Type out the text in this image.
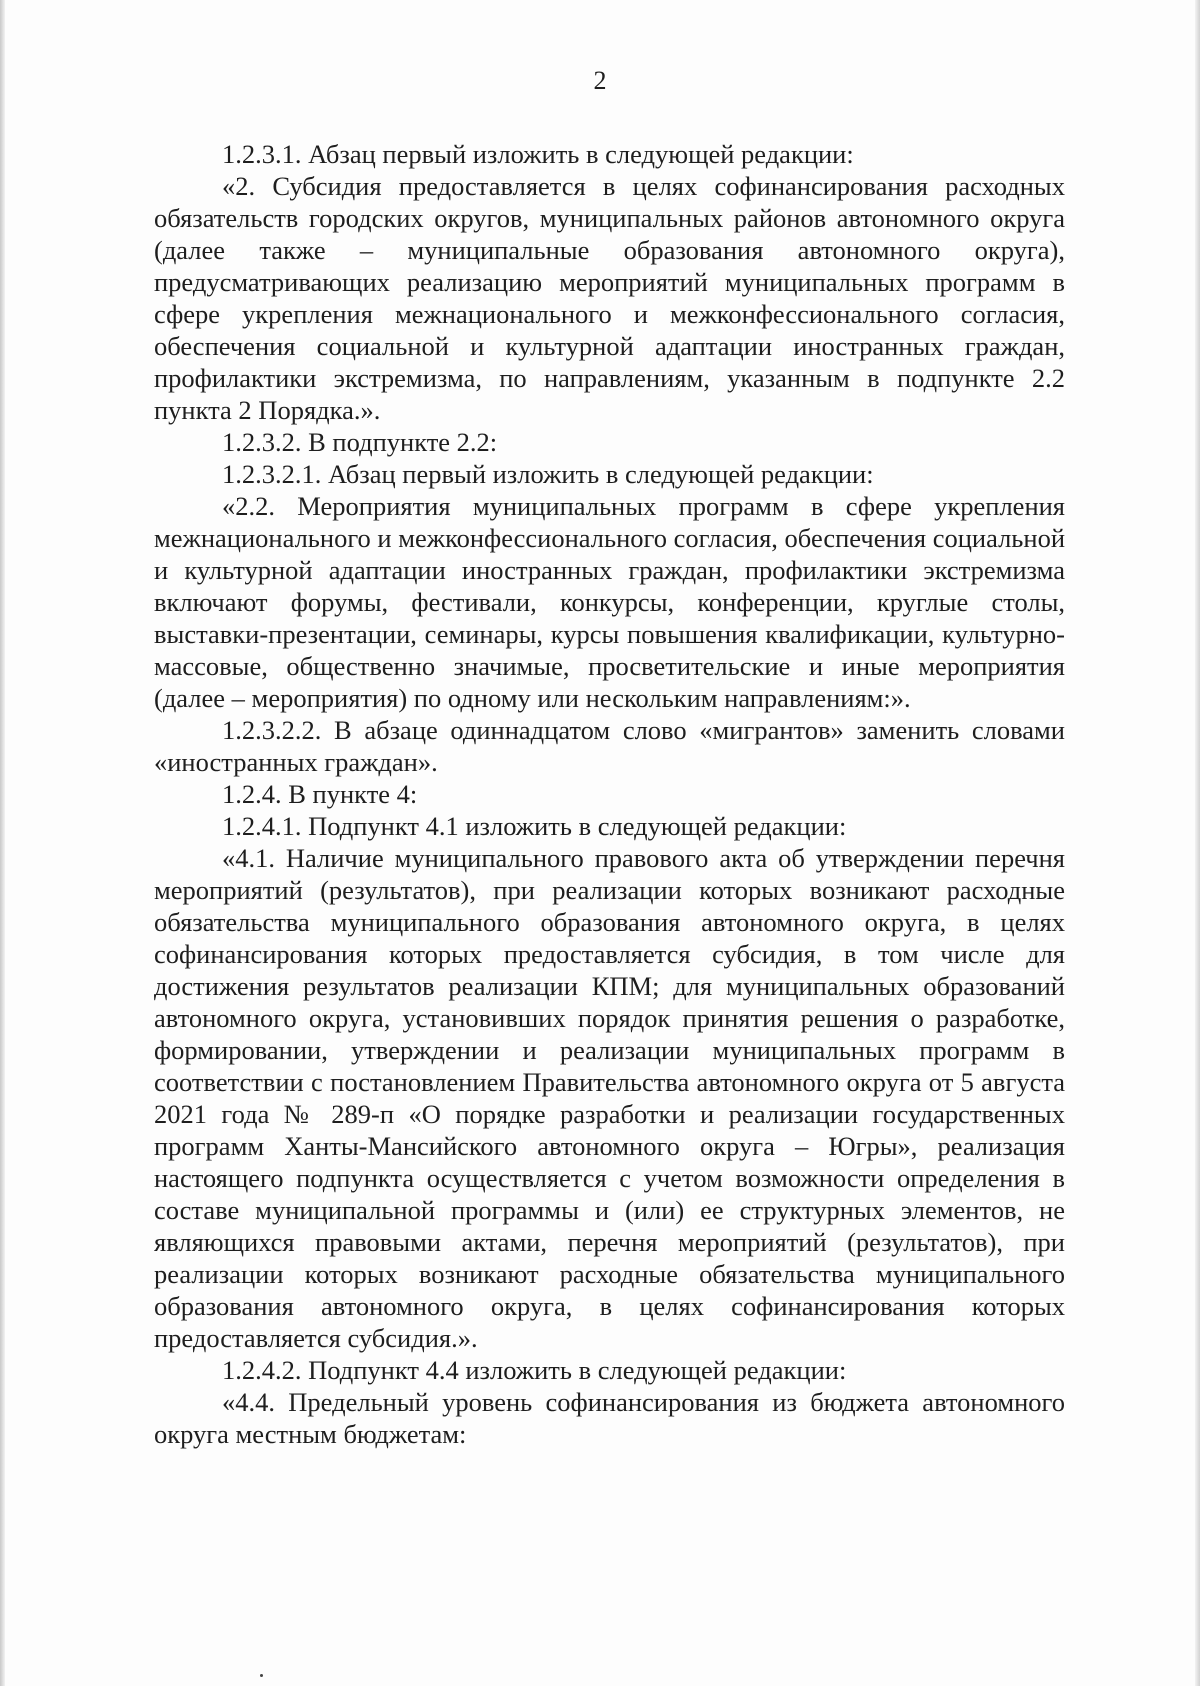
2

1.2.3.1. Абзац первый изложить в следующей редакции:

«2. Субсидия предоставляется в целях софинансирования расходных обязательств городских округов, муниципальных районов автономного округа (далее также – муниципальные образования автономного округа), предусматривающих реализацию мероприятий муниципальных программ в сфере укрепления межнационального и межконфессионального согласия, обеспечения социальной и культурной адаптации иностранных граждан, профилактики экстремизма, по направлениям, указанным в подпункте 2.2 пункта 2 Порядка.».

1.2.3.2. В подпункте 2.2:

1.2.3.2.1. Абзац первый изложить в следующей редакции:

«2.2. Мероприятия муниципальных программ в сфере укрепления межнационального и межконфессионального согласия, обеспечения социальной и культурной адаптации иностранных граждан, профилактики экстремизма включают форумы, фестивали, конкурсы, конференции, круглые столы, выставки-презентации, семинары, курсы повышения квалификации, культурно-массовые, общественно значимые, просветительские и иные мероприятия (далее – мероприятия) по одному или нескольким направлениям:».

1.2.3.2.2. В абзаце одиннадцатом слово «мигрантов» заменить словами «иностранных граждан».

1.2.4. В пункте 4:

1.2.4.1. Подпункт 4.1 изложить в следующей редакции:

«4.1. Наличие муниципального правового акта об утверждении перечня мероприятий (результатов), при реализации которых возникают расходные обязательства муниципального образования автономного округа, в целях софинансирования которых предоставляется субсидия, в том числе для достижения результатов реализации КПМ; для муниципальных образований автономного округа, установивших порядок принятия решения о разработке, формировании, утверждении и реализации муниципальных программ в соответствии с постановлением Правительства автономного округа от 5 августа 2021 года № 289-п «О порядке разработки и реализации государственных программ Ханты-Мансийского автономного округа – Югры», реализация настоящего подпункта осуществляется с учетом возможности определения в составе муниципальной программы и (или) ее структурных элементов, не являющихся правовыми актами, перечня мероприятий (результатов), при реализации которых возникают расходные обязательства муниципального образования автономного округа, в целях софинансирования которых предоставляется субсидия.».

1.2.4.2. Подпункт 4.4 изложить в следующей редакции:

«4.4. Предельный уровень софинансирования из бюджета автономного округа местным бюджетам:
